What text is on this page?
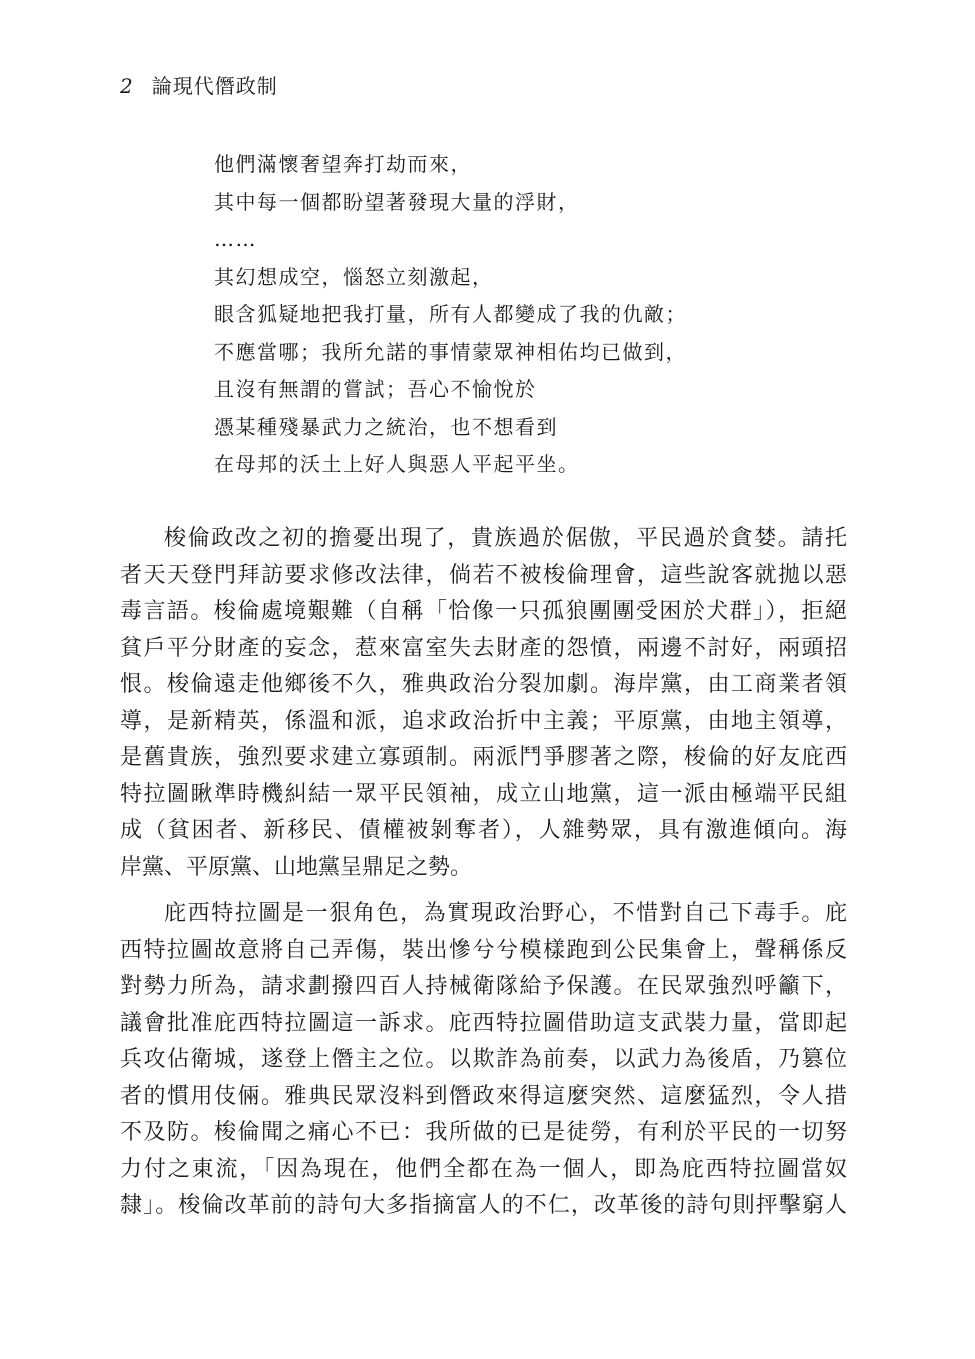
2 論現代僭政制
他們滿懷奢望奔打劫而來，
其中每一個都盼望著發現大量的浮財，
……
其幻想成空，惱怒立刻激起，
眼含狐疑地把我打量，所有人都變成了我的仇敵；
不應當哪；我所允諾的事情蒙眾神相佑均已做到，
且沒有無謂的嘗試；吾心不愉悅於
憑某種殘暴武力之統治，也不想看到
在母邦的沃土上好人與惡人平起平坐。
梭倫政改之初的擔憂出現了，貴族過於倨傲，平民過於貪婪。請托
者天天登門拜訪要求修改法律，倘若不被梭倫理會，這些說客就拋以惡
毒言語。梭倫處境艱難（自稱「恰像一只孤狼團團受困於犬群」），拒絕
貧戶平分財產的妄念，惹來富室失去財產的怨憤，兩邊不討好，兩頭招
恨。梭倫遠走他鄉後不久，雅典政治分裂加劇。海岸黨，由工商業者領
導，是新精英，係溫和派，追求政治折中主義；平原黨，由地主領導，
是舊貴族，強烈要求建立寡頭制。兩派鬥爭膠著之際，梭倫的好友庇西
特拉圖瞅準時機糾結一眾平民領袖，成立山地黨，這一派由極端平民組
成（貧困者、新移民、債權被剝奪者），人雜勢眾，具有激進傾向。海
岸黨、平原黨、山地黨呈鼎足之勢。
庇西特拉圖是一狠角色，為實現政治野心，不惜對自己下毒手。庇
西特拉圖故意將自己弄傷，裝出慘兮兮模樣跑到公民集會上，聲稱係反
對勢力所為，請求劃撥四百人持械衛隊給予保護。在民眾強烈呼籲下，
議會批准庇西特拉圖這一訴求。庇西特拉圖借助這支武裝力量，當即起
兵攻佔衛城，遂登上僭主之位。以欺詐為前奏，以武力為後盾，乃篡位
者的慣用伎倆。雅典民眾沒料到僭政來得這麼突然、這麼猛烈，令人措
不及防。梭倫聞之痛心不已：我所做的已是徒勞，有利於平民的一切努
力付之東流，「因為現在，他們全都在為一個人，即為庇西特拉圖當奴
隸」。梭倫改革前的詩句大多指摘富人的不仁，改革後的詩句則抨擊窮人
